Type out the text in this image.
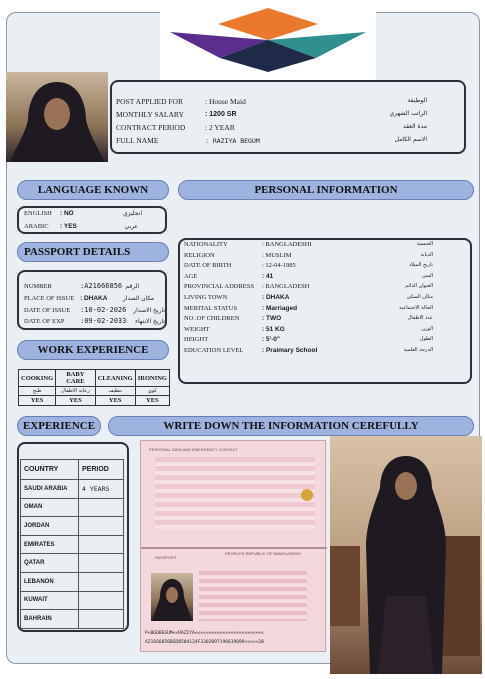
POST APPLIED FOR	: House Maid	الوظيفة
MONTHLY SALARY	: 1200 SR	الراتب الشهري
CONTRACT PERIOD	: 2 YEAR	مدة العقد
FULL NAME	: RAZIYA BEGUM	الاسم الكامل
LANGUAGE KNOWN
ENGLISH : NO	انجليزي
ARABIC : YES	عربي
PERSONAL INFORMATION
NATIONALITY	: BANGLADESHI	الجنسية
RELIGION	: MUSLIM	الديانة
DATE OF BIRTH	: 12-04-1985	تاريخ الميلاد
AGE	: 41	السن
PROVINCIAL ADDRESS : BANGLADESH	العنوان الدائم
LIVING TOWN	: DHAKA	مكان السكن
MERITAL STATUS	: Marriaged	الحالة الاجتماعية
NO .OF CHILDREN	: TWO	عدد الاطفال
WEIGHT	: 51 KG	الوزن
HEIGHT	: 5'-0"	الطول
EDUCATION LEVEL	: Praimary School	الدرجة العلمية
PASSPORT DETAILS
NUMBER	:A21666856 الرقم
PLACE OF ISSUE : DHAKA	مكان الصدار
DATE OF ISSUE :10-02-2026 تاريخ الاصدار
DATE OF EXP :09-02-2033 تاريخ الانتهاء
WORK EXPERIENCE
COOKING	BABY CARE	CLEANING	IRONING
طبخ	رعاية الاطفال	تنظيف	كوي
YES	YES	YES	YES
EXPERIENCE	WRITE DOWN THE INFORMATION CEREFULLY
COUNTRY	PERIOD
SAUDI ARABIA	4 YEARS
OMAN	
JORDAN	
EMIRATES	
QATAR	
LEBANON	
KUWAIT	
BAHRAIN	
PERSONAL DATA AND EMERGENCY CONTACT
PASSPORT
PEOPLE'S REPUBLIC OF BANGLADESH
P<BGDBEGUM<<RAZIYA<<<<<<<<<<<<<<<<<<<<<<<<<
A21666856BGD8504124F3302097196619699<<<<<28
